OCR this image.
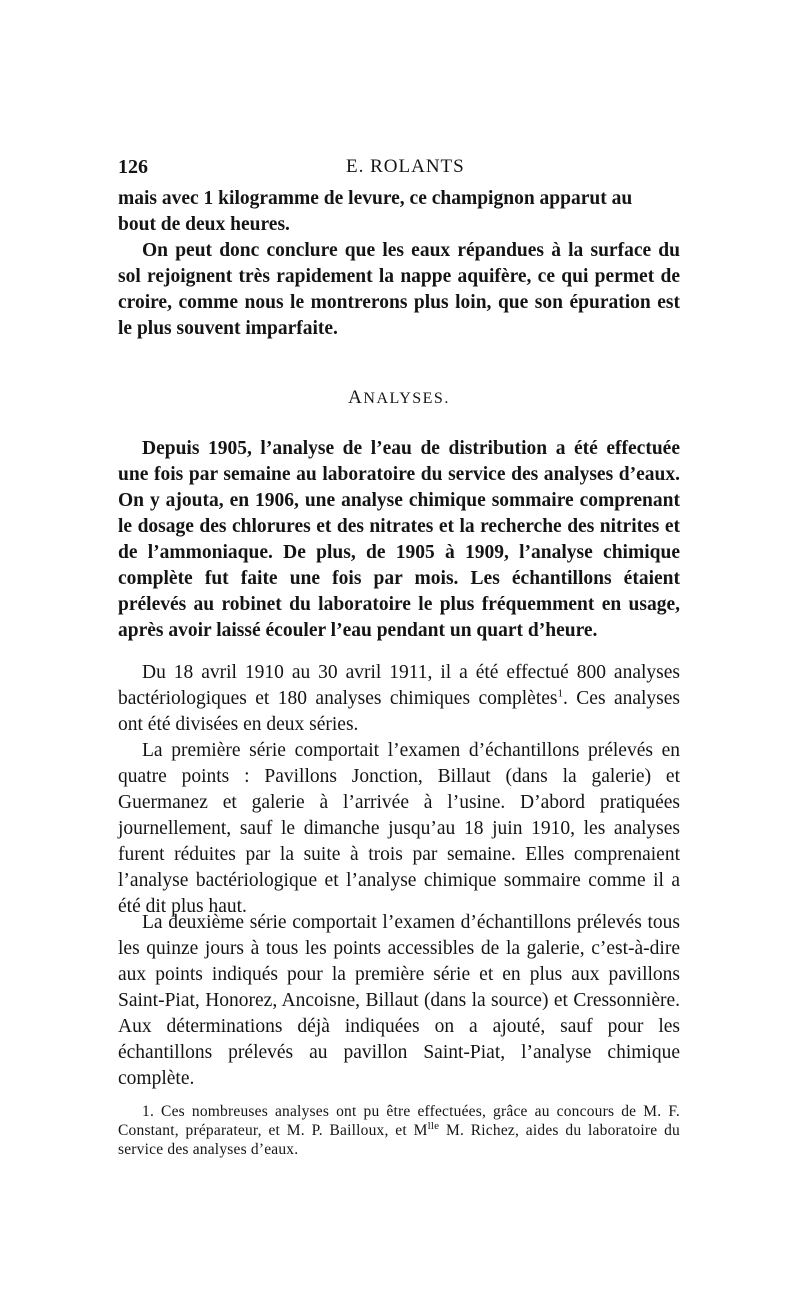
126	E. ROLANTS
mais avec 1 kilogramme de levure, ce champignon apparut au
bout de deux heures.
On peut donc conclure que les eaux répandues à la surface du sol rejoignent très rapidement la nappe aquifère, ce qui permet de croire, comme nous le montrerons plus loin, que son épuration est le plus souvent imparfaite.
ANALYSES.

Depuis 1905, l’analyse de l’eau de distribution a été effectuée une fois par semaine au laboratoire du service des analyses d’eaux. On y ajouta, en 1906, une analyse chimique sommaire comprenant le dosage des chlorures et des nitrates et la recherche des nitrites et de l’ammoniaque. De plus, de 1905 à 1909, l’analyse chimique complète fut faite une fois par mois. Les échantillons étaient prélevés au robinet du laboratoire le plus fréquemment en usage, après avoir laissé écouler l’eau pendant un quart d’heure.

Du 18 avril 1910 au 30 avril 1911, il a été effectué 800 analyses bactériologiques et 180 analyses chimiques complètes$^1$. Ces analyses ont été divisées en deux séries.

La première série comportait l’examen d’échantillons prélevés en quatre points : Pavillons Jonction, Billaut (dans la galerie) et Guermanez et galerie à l’arrivée à l’usine. D’abord pratiquées journellement, sauf le dimanche jusqu’au 18 juin 1910, les analyses furent réduites par la suite à trois par semaine. Elles comprenaient l’analyse bactériologique et l’analyse chimique sommaire comme il a été dit plus haut.

La deuxième série comportait l’examen d’échantillons prélevés tous les quinze jours à tous les points accessibles de la galerie, c’est-à-dire aux points indiqués pour la première série et en plus aux pavillons Saint-Piat, Honorez, Ancoisne, Billaut (dans la source) et Cressonnière. Aux déterminations déjà indiquées on a ajouté, sauf pour les échantillons prélevés au pavillon Saint-Piat, l’analyse chimique complète.

1. Ces nombreuses analyses ont pu être effectuées, grâce au concours de M. F. Constant, préparateur, et M. P. Bailloux, et $M^{lle}$ M. Richez, aides du laboratoire du service des analyses d’eaux.
